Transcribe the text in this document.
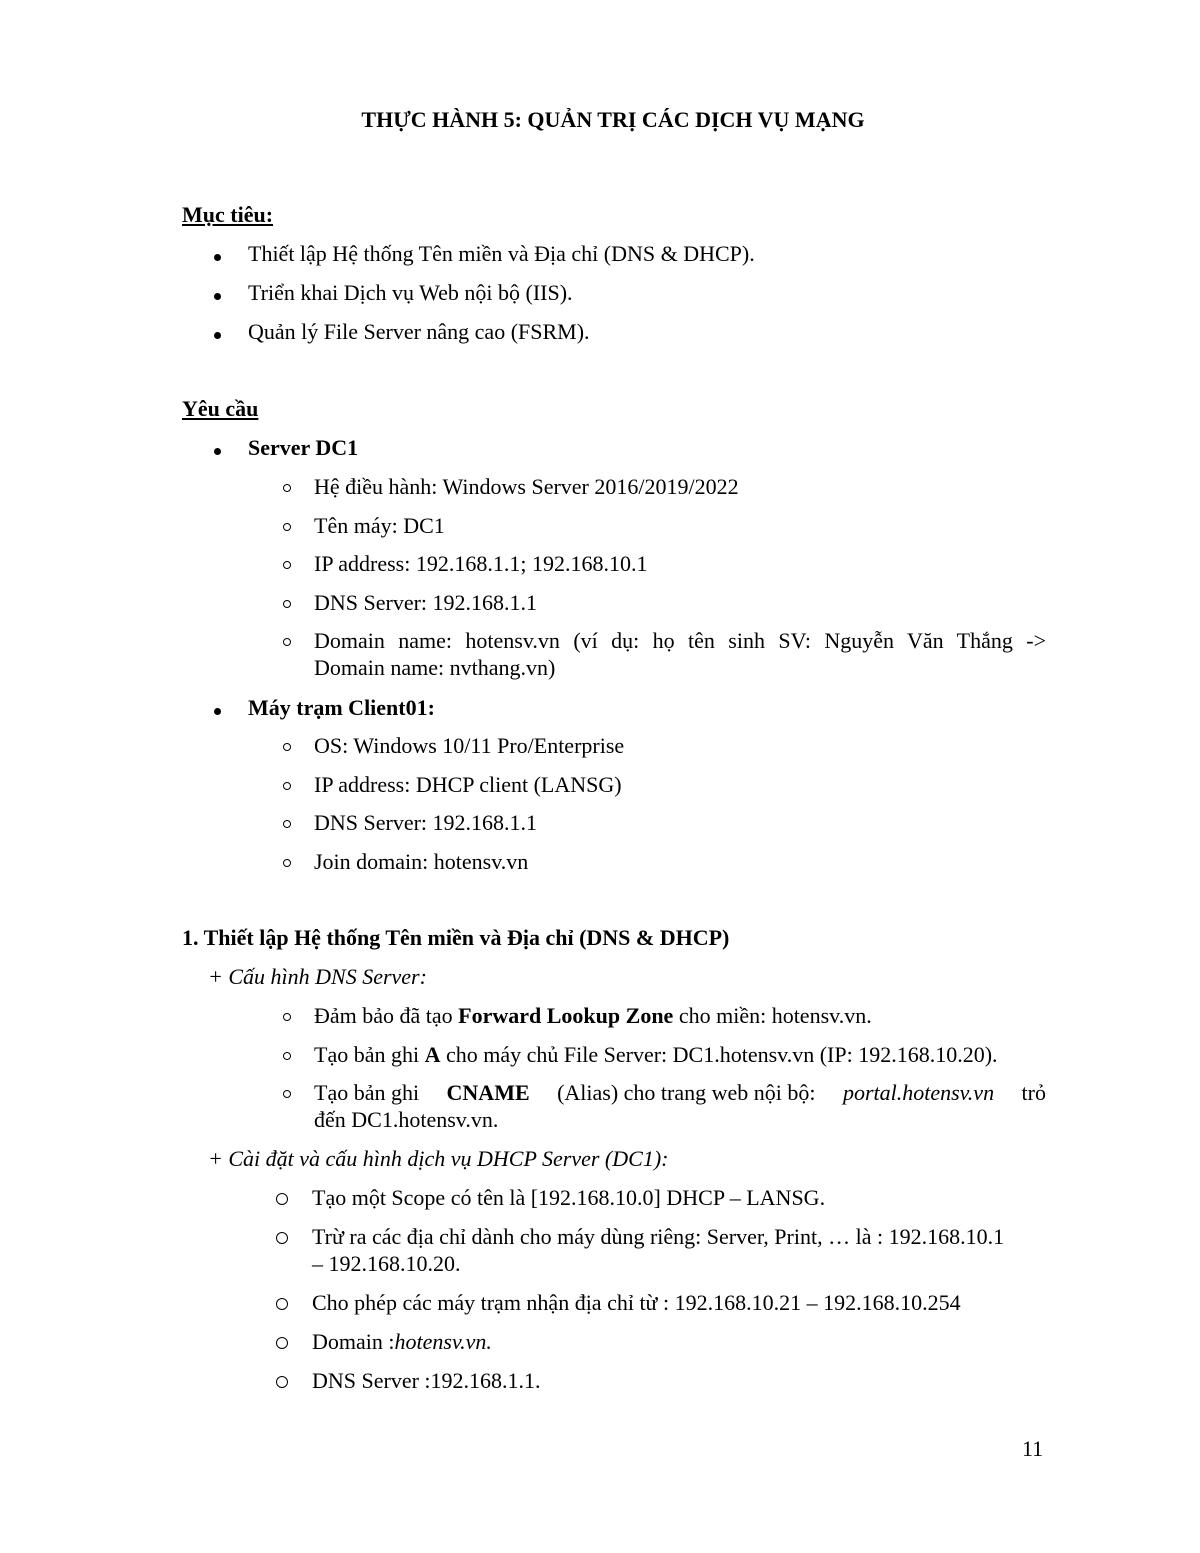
THỰC HÀNH 5: QUẢN TRỊ CÁC DỊCH VỤ MẠNG
Mục tiêu:
Thiết lập Hệ thống Tên miền và Địa chỉ (DNS & DHCP).
Triển khai Dịch vụ Web nội bộ (IIS).
Quản lý File Server nâng cao (FSRM).
Yêu cầu
Server DC1
Hệ điều hành: Windows Server 2016/2019/2022
Tên máy: DC1
IP address: 192.168.1.1; 192.168.10.1
DNS Server: 192.168.1.1
Domain name: hotensv.vn (ví dụ: họ tên sinh SV: Nguyễn Văn Thắng ->
Domain name: nvthang.vn)
Máy trạm Client01:
OS: Windows 10/11 Pro/Enterprise
IP address: DHCP client (LANSG)
DNS Server: 192.168.1.1
Join domain: hotensv.vn
1. Thiết lập Hệ thống Tên miền và Địa chỉ (DNS & DHCP)
+ Cấu hình DNS Server:
Đảm bảo đã tạo Forward Lookup Zone cho miền: hotensv.vn.
Tạo bản ghi A cho máy chủ File Server: DC1.hotensv.vn (IP: 192.168.10.20).
Tạo bản ghi CNAME (Alias) cho trang web nội bộ: portal.hotensv.vn trỏ
đến DC1.hotensv.vn.
+ Cài đặt và cấu hình dịch vụ DHCP Server (DC1):
Tạo một Scope có tên là [192.168.10.0] DHCP – LANSG.
Trừ ra các địa chỉ dành cho máy dùng riêng: Server, Print, … là : 192.168.10.1
– 192.168.10.20.
Cho phép các máy trạm nhận địa chỉ từ : 192.168.10.21 – 192.168.10.254
Domain :hotensv.vn.
DNS Server :192.168.1.1.
11
